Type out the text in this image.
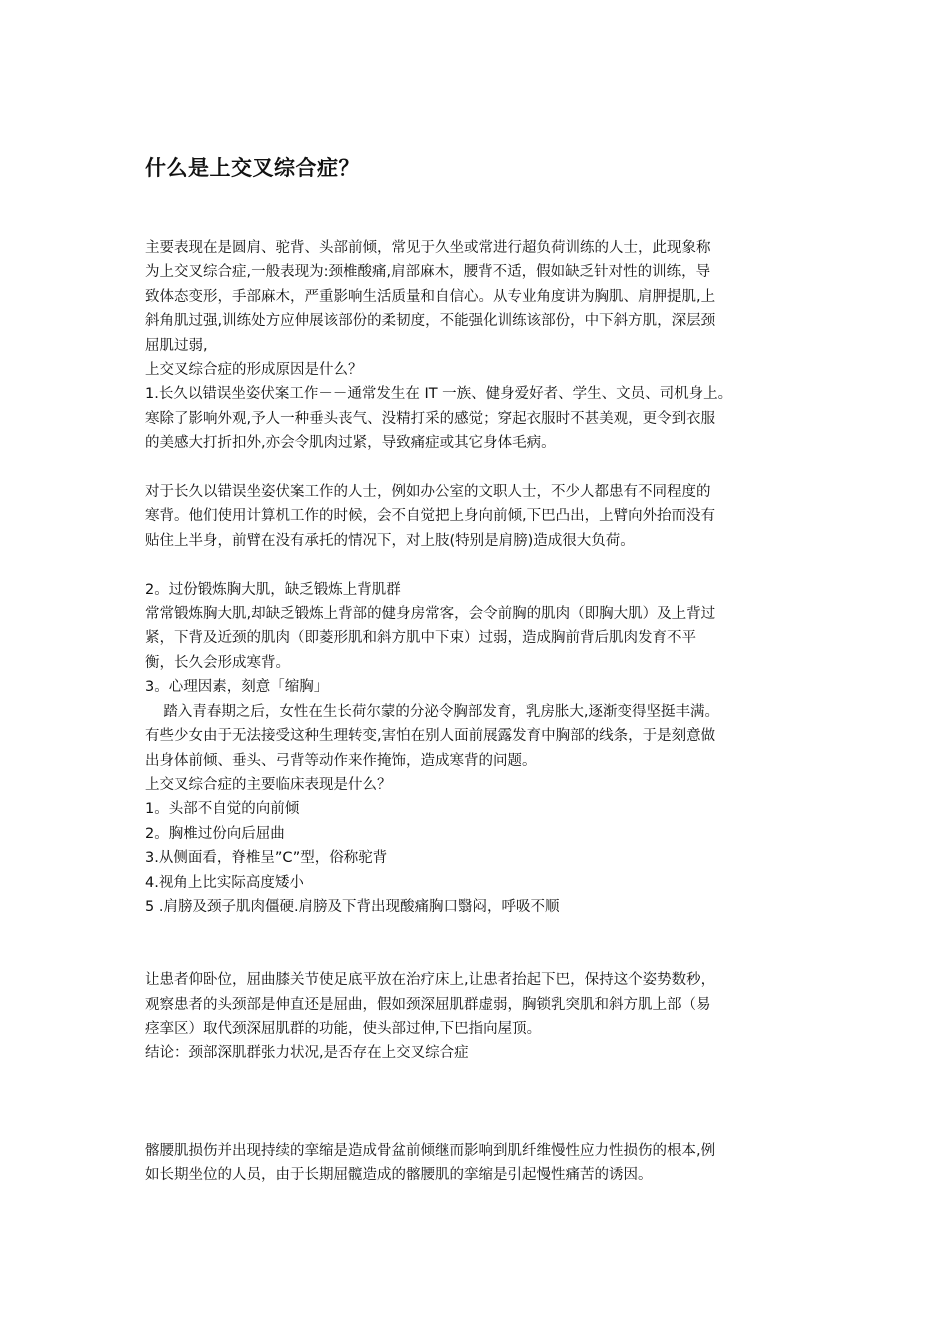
什么是上交叉综合症？

主要表现在是圆肩、驼背、头部前倾，常见于久坐或常进行超负荷训练的人士，此现象称

为上交叉综合症,一般表现为:颈椎酸痛,肩部麻木，腰背不适，假如缺乏针对性的训练，导

致体态变形，手部麻木，严重影响生活质量和自信心。从专业角度讲为胸肌、肩胛提肌,上

斜角肌过强,训练处方应伸展该部份的柔韧度，不能强化训练该部份，中下斜方肌，深层颈

屈肌过弱,

上交叉综合症的形成原因是什么？

1.长久以错误坐姿伏案工作－－通常发生在 IT 一族、健身爱好者、学生、文员、司机身上。

寒除了影响外观,予人一种垂头丧气、没精打采的感觉；穿起衣服时不甚美观，更令到衣服

的美感大打折扣外,亦会令肌肉过紧，导致痛症或其它身体毛病。

对于长久以错误坐姿伏案工作的人士，例如办公室的文职人士，不少人都患有不同程度的

寒背。他们使用计算机工作的时候，会不自觉把上身向前倾,下巴凸出，上臂向外抬而没有

贴住上半身，前臂在没有承托的情况下，对上肢(特别是肩膀)造成很大负荷。

2。过份锻炼胸大肌，缺乏锻炼上背肌群

常常锻炼胸大肌,却缺乏锻炼上背部的健身房常客，会令前胸的肌肉（即胸大肌）及上背过

紧，下背及近颈的肌肉（即菱形肌和斜方肌中下束）过弱，造成胸前背后肌肉发育不平

衡，长久会形成寒背。

3。心理因素，刻意「缩胸」

踏入青春期之后，女性在生长荷尔蒙的分泌令胸部发育，乳房胀大,逐渐变得坚挺丰满。

有些少女由于无法接受这种生理转变,害怕在别人面前展露发育中胸部的线条，于是刻意做

出身体前倾、垂头、弓背等动作来作掩饰，造成寒背的问题。

上交叉综合症的主要临床表现是什么？

1。头部不自觉的向前倾

2。胸椎过份向后屈曲

3.从侧面看，脊椎呈”C”型，俗称驼背

4.视角上比实际高度矮小

5 .肩膀及颈子肌肉僵硬.肩膀及下背出现酸痛胸口翳闷，呼吸不顺

让患者仰卧位，屈曲膝关节使足底平放在治疗床上,让患者抬起下巴，保持这个姿势数秒，

观察患者的头颈部是伸直还是屈曲，假如颈深屈肌群虚弱，胸锁乳突肌和斜方肌上部（易

痉挛区）取代颈深屈肌群的功能，使头部过伸,下巴指向屋顶。

结论：颈部深肌群张力状况,是否存在上交叉综合症

髂腰肌损伤并出现持续的挛缩是造成骨盆前倾继而影响到肌纤维慢性应力性损伤的根本,例

如长期坐位的人员，由于长期屈髋造成的髂腰肌的挛缩是引起慢性痛苦的诱因。
